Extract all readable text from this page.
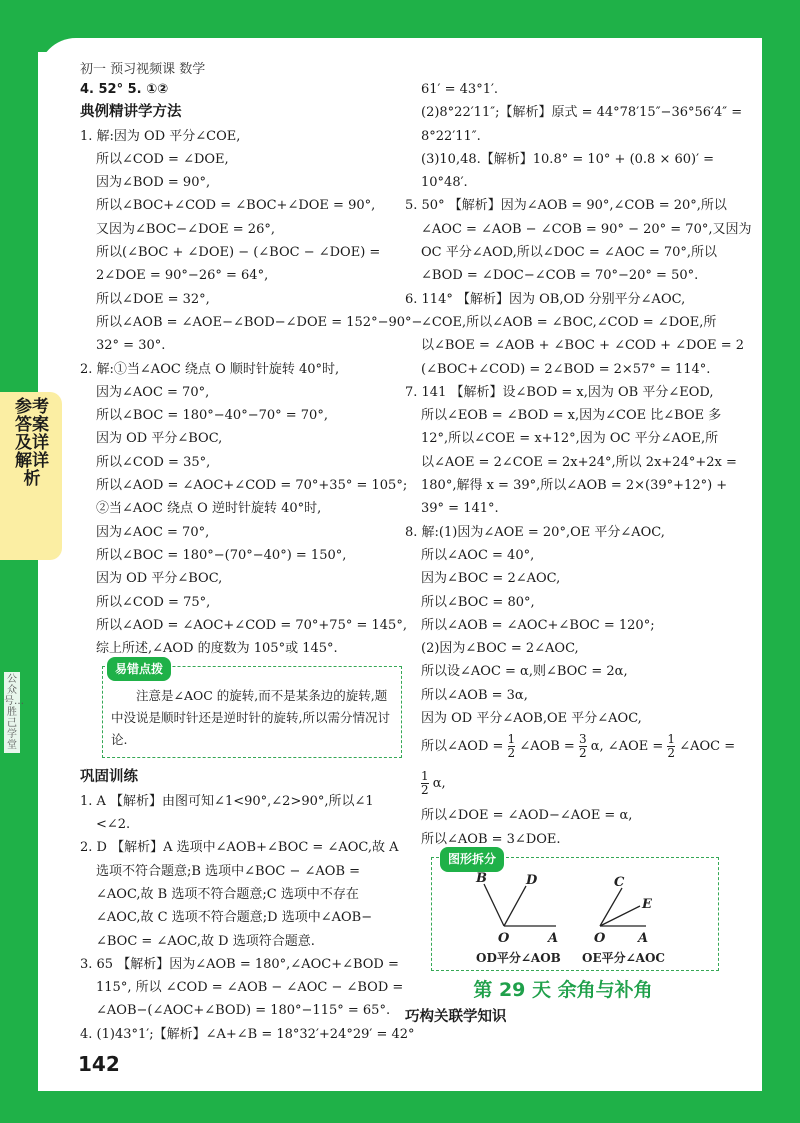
参考答案及详解详析
公众号…胜己学堂
初一 预习视频课 数学
142
4. 52° 5. ①②
典例精讲学方法
1. 解:因为 OD 平分∠COE,
所以∠COD = ∠DOE,
因为∠BOD = 90°,
所以∠BOC+∠COD = ∠BOC+∠DOE = 90°,
又因为∠BOC−∠DOE = 26°,
所以(∠BOC + ∠DOE) − (∠BOC − ∠DOE) =
2∠DOE = 90°−26° = 64°,
所以∠DOE = 32°,
所以∠AOB = ∠AOE−∠BOD−∠DOE = 152°−90°−
32° = 30°.
2. 解:①当∠AOC 绕点 O 顺时针旋转 40°时,
因为∠AOC = 70°,
所以∠BOC = 180°−40°−70° = 70°,
因为 OD 平分∠BOC,
所以∠COD = 35°,
所以∠AOD = ∠AOC+∠COD = 70°+35° = 105°;
②当∠AOC 绕点 O 逆时针旋转 40°时,
因为∠AOC = 70°,
所以∠BOC = 180°−(70°−40°) = 150°,
因为 OD 平分∠BOC,
所以∠COD = 75°,
所以∠AOD = ∠AOC+∠COD = 70°+75° = 145°,
综上所述,∠AOD 的度数为 105°或 145°.
易错点拨
注意是∠AOC 的旋转,而不是某条边的旋转,题中没说是顺时针还是逆时针的旋转,所以需分情况讨论.
巩固训练
1. A 【解析】由图可知∠1<90°,∠2>90°,所以∠1
<∠2.
2. D 【解析】A 选项中∠AOB+∠BOC = ∠AOC,故 A
选项不符合题意;B 选项中∠BOC − ∠AOB =
∠AOC,故 B 选项不符合题意;C 选项中不存在
∠AOC,故 C 选项不符合题意;D 选项中∠AOB−
∠BOC = ∠AOC,故 D 选项符合题意.
3. 65 【解析】因为∠AOB = 180°,∠AOC+∠BOD =
115°, 所以 ∠COD = ∠AOB − ∠AOC − ∠BOD =
∠AOB−(∠AOC+∠BOD) = 180°−115° = 65°.
4. (1)43°1′;【解析】∠A+∠B = 18°32′+24°29′ = 42°
61′ = 43°1′.
(2)8°22′11″;【解析】原式 = 44°78′15″−36°56′4″ =
8°22′11″.
(3)10,48.【解析】10.8° = 10° + (0.8 × 60)′ =
10°48′.
5. 50° 【解析】因为∠AOB = 90°,∠COB = 20°,所以
∠AOC = ∠AOB − ∠COB = 90° − 20° = 70°,又因为
OC 平分∠AOD,所以∠DOC = ∠AOC = 70°,所以
∠BOD = ∠DOC−∠COB = 70°−20° = 50°.
6. 114° 【解析】因为 OB,OD 分别平分∠AOC,
∠COE,所以∠AOB = ∠BOC,∠COD = ∠DOE,所
以∠BOE = ∠AOB + ∠BOC + ∠COD + ∠DOE = 2
(∠BOC+∠COD) = 2∠BOD = 2×57° = 114°.
7. 141 【解析】设∠BOD = x,因为 OB 平分∠EOD,
所以∠EOB = ∠BOD = x,因为∠COE 比∠BOE 多
12°,所以∠COE = x+12°,因为 OC 平分∠AOE,所
以∠AOE = 2∠COE = 2x+24°,所以 2x+24°+2x =
180°,解得 x = 39°,所以∠AOB = 2×(39°+12°) +
39° = 141°.
8. 解:(1)因为∠AOE = 20°,OE 平分∠AOC,
所以∠AOC = 40°,
因为∠BOC = 2∠AOC,
所以∠BOC = 80°,
所以∠AOB = ∠AOC+∠BOC = 120°;
(2)因为∠BOC = 2∠AOC,
所以设∠AOC = α,则∠BOC = 2α,
所以∠AOB = 3α,
因为 OD 平分∠AOB,OE 平分∠AOC,
所以∠AOD = $\frac{1}{2}$ ∠AOB = $\frac{3}{2} \alpha$, ∠AOE = $\frac{1}{2}$ ∠AOC =
$\frac{1}{2} \alpha$,
所以∠DOE = ∠AOD−∠AOE = α,
所以∠AOB = 3∠DOE.
图形拆分
B	D
O	A
C
E
O	A
OD平分∠AOB OE平分∠AOC
第 29 天 余角与补角
巧构关联学知识
